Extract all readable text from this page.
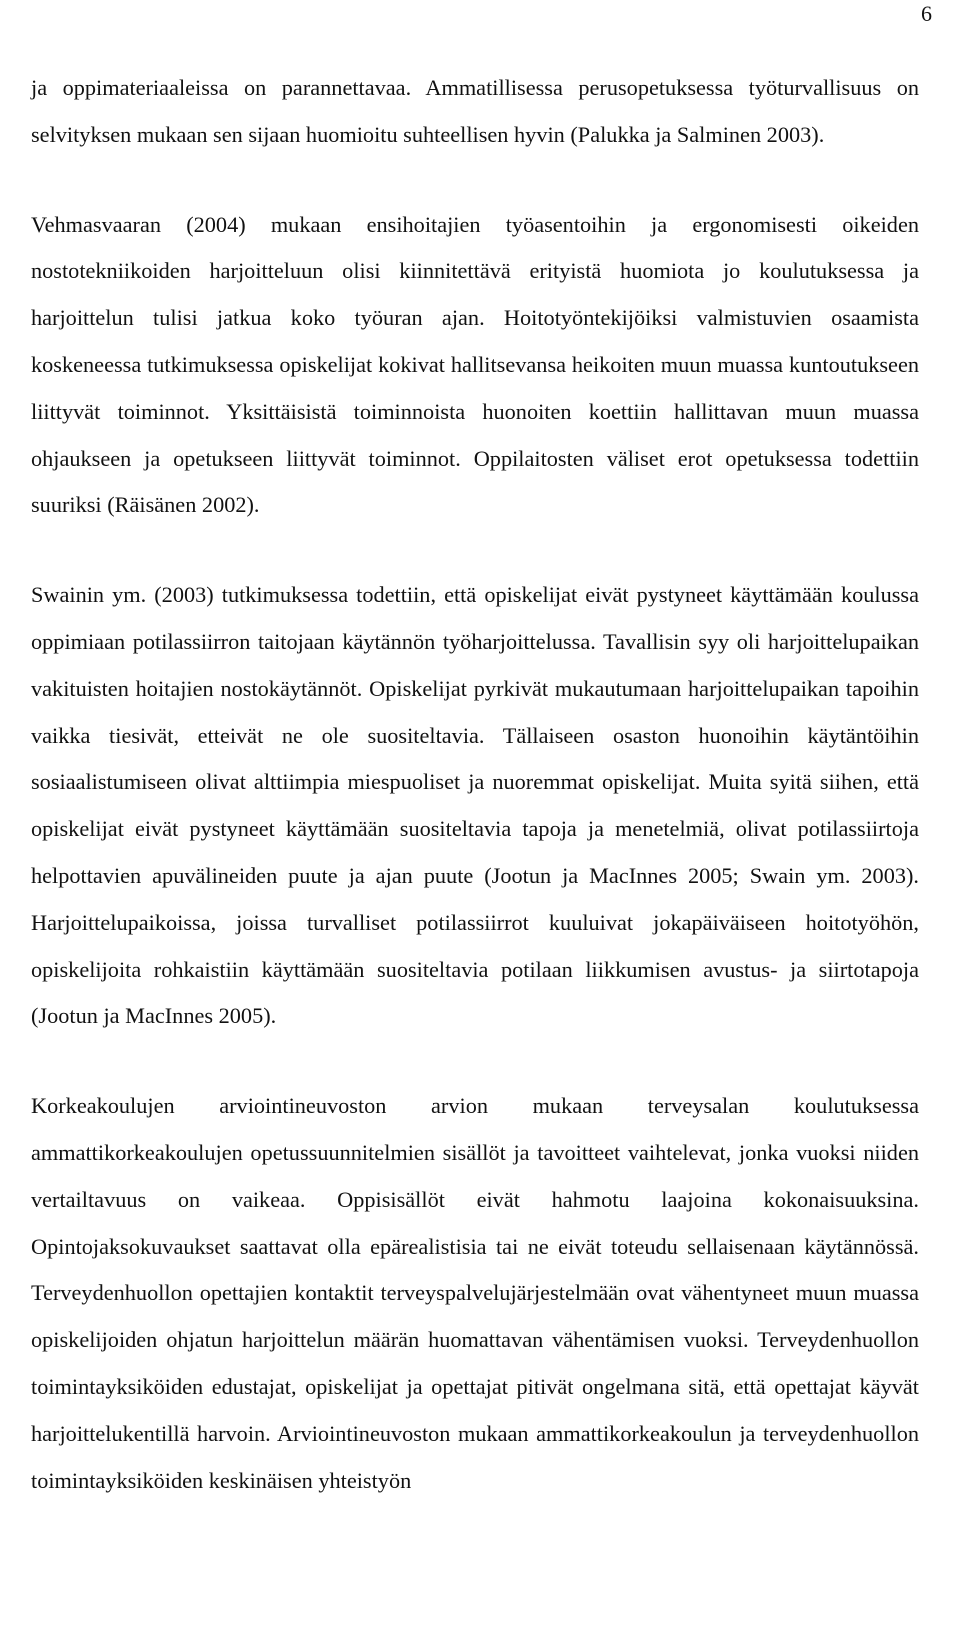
6

ja oppimateriaaleissa on parannettavaa. Ammatillisessa perusopetuksessa työturvallisuus on selvityksen mukaan sen sijaan huomioitu suhteellisen hyvin (Palukka ja Salminen 2003).

Vehmasvaaran (2004) mukaan ensihoitajien työasentoihin ja ergonomisesti oikeiden nostotekniikoiden harjoitteluun olisi kiinnitettävä erityistä huomiota jo koulutuksessa ja harjoittelun tulisi jatkua koko työuran ajan. Hoitotyöntekijöiksi valmistuvien osaamista koskeneessa tutkimuksessa opiskelijat kokivat hallitsevansa heikoiten muun muassa kuntoutukseen liittyvät toiminnot. Yksittäisistä toiminnoista huonoiten koettiin hallittavan muun muassa ohjaukseen ja opetukseen liittyvät toiminnot. Oppilaitosten väliset erot opetuksessa todettiin suuriksi (Räisänen 2002).

Swainin ym. (2003) tutkimuksessa todettiin, että opiskelijat eivät pystyneet käyttämään koulussa oppimiaan potilassiirron taitojaan käytännön työharjoittelussa. Tavallisin syy oli harjoittelupaikan vakituisten hoitajien nostokäytännöt. Opiskelijat pyrkivät mukautumaan harjoittelupaikan tapoihin vaikka tiesivät, etteivät ne ole suositeltavia. Tällaiseen osaston huonoihin käytäntöihin sosiaalistumiseen olivat alttiimpia miespuoliset ja nuoremmat opiskelijat. Muita syitä siihen, että opiskelijat eivät pystyneet käyttämään suositeltavia tapoja ja menetelmiä, olivat potilassiirtoja helpottavien apuvälineiden puute ja ajan puute (Jootun ja MacInnes 2005; Swain ym. 2003). Harjoittelupaikoissa, joissa turvalliset potilassiirrot kuuluivat jokapäiväiseen hoitotyöhön, opiskelijoita rohkaistiin käyttämään suositeltavia potilaan liikkumisen avustus- ja siirtotapoja (Jootun ja MacInnes 2005).

Korkeakoulujen arviointineuvoston arvion mukaan terveysalan koulutuksessa ammattikorkeakoulujen opetussuunnitelmien sisällöt ja tavoitteet vaihtelevat, jonka vuoksi niiden vertailtavuus on vaikeaa. Oppisisällöt eivät hahmotu laajoina kokonaisuuksina. Opintojaksokuvaukset saattavat olla epärealistisia tai ne eivät toteudu sellaisenaan käytännössä. Terveydenhuollon opettajien kontaktit terveyspalvelujärjestelmään ovat vähentyneet muun muassa opiskelijoiden ohjatun harjoittelun määrän huomattavan vähentämisen vuoksi. Terveydenhuollon toimintayksiköiden edustajat, opiskelijat ja opettajat pitivät ongelmana sitä, että opettajat käyvät harjoittelukentillä harvoin. Arviointineuvoston mukaan ammattikorkeakoulun ja terveydenhuollon toimintayksiköiden keskinäisen yhteistyön
